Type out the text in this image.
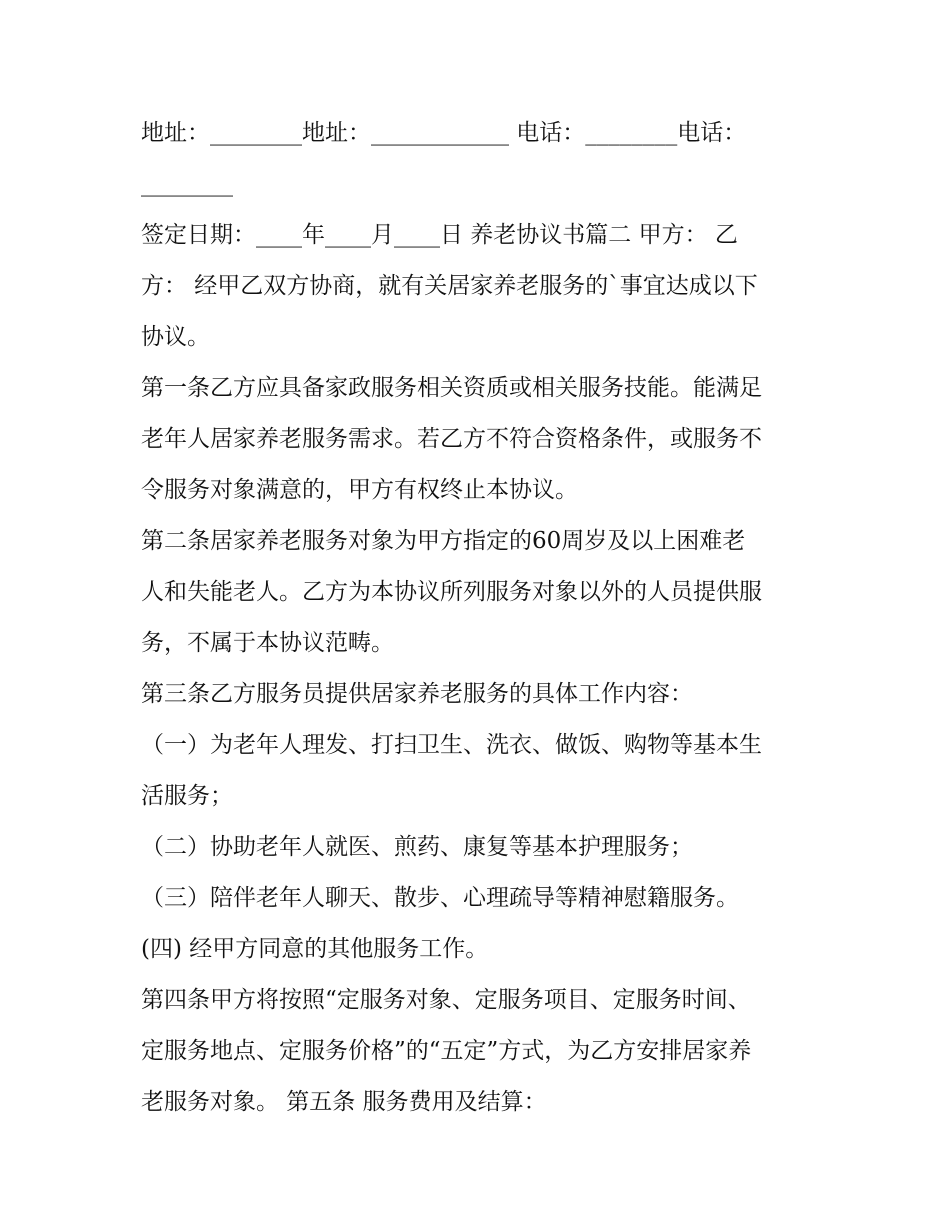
地址：________地址：____________ 电话：________电话：
________
签定日期：____年____月____日 养老协议书篇二 甲方： 乙
方： 经甲乙双方协商，就有关居家养老服务的`事宜达成以下
协议。
第一条乙方应具备家政服务相关资质或相关服务技能。能满足
老年人居家养老服务需求。若乙方不符合资格条件，或服务不
令服务对象满意的，甲方有权终止本协议。
第二条居家养老服务对象为甲方指定的60周岁及以上困难老
人和失能老人。乙方为本协议所列服务对象以外的人员提供服
务，不属于本协议范畴。
第三条乙方服务员提供居家养老服务的具体工作内容：
（一）为老年人理发、打扫卫生、洗衣、做饭、购物等基本生
活服务；
（二）协助老年人就医、煎药、康复等基本护理服务；
（三）陪伴老年人聊天、散步、心理疏导等精神慰籍服务。
(四) 经甲方同意的其他服务工作。
第四条甲方将按照“定服务对象、定服务项目、定服务时间、
定服务地点、定服务价格”的“五定”方式，为乙方安排居家养
老服务对象。 第五条 服务费用及结算：
